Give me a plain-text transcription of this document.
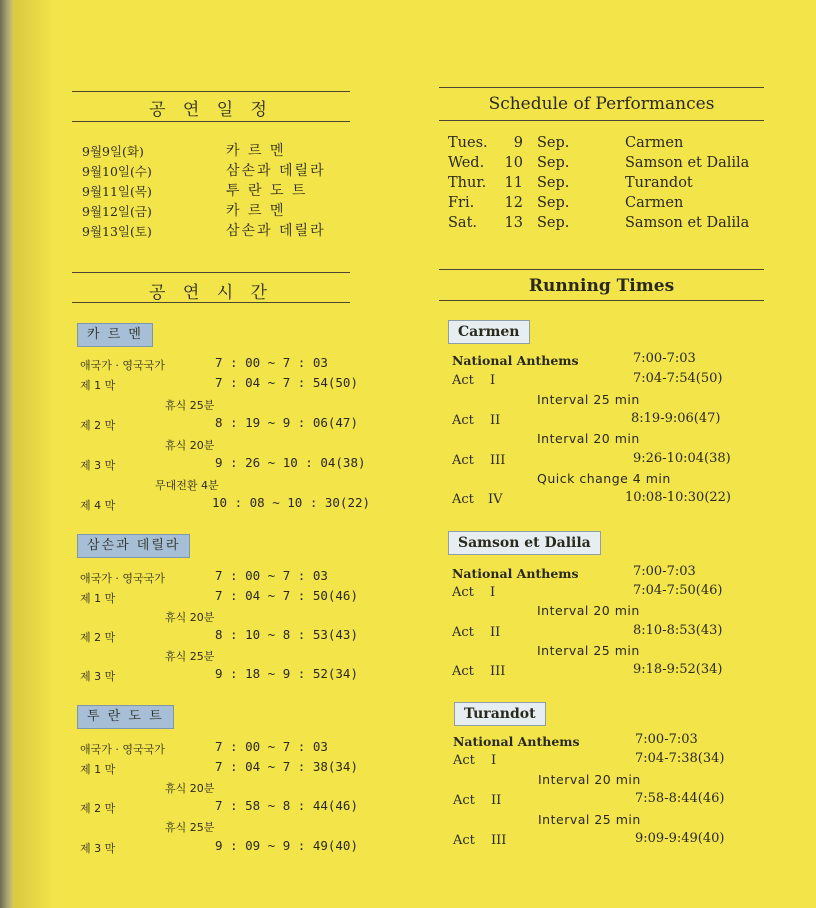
공 연 일 정
9월9일(화)	카 르 멘
9월10일(수)	삼손과 데릴라
9월11일(목)	투 란 도 트
9월12일(금)	카 르 멘
9월13일(토)	삼손과 데릴라
공 연 시 간
카 르 멘
애국가 · 영국국가	7 : 00 ~ 7 : 03
제 1 막	7 : 04 ~ 7 : 54(50)
휴식 25분
제 2 막	8 : 19 ~ 9 : 06(47)
휴식 20분
제 3 막	9 : 26 ~ 10 : 04(38)
무대전환 4분
제 4 막	10 : 08 ~ 10 : 30(22)
삼손과 데릴라
애국가 · 영국국가	7 : 00 ~ 7 : 03
제 1 막	7 : 04 ~ 7 : 50(46)
휴식 20분
제 2 막	8 : 10 ~ 8 : 53(43)
휴식 25분
제 3 막	9 : 18 ~ 9 : 52(34)
투 란 도 트
애국가 · 영국국가	7 : 00 ~ 7 : 03
제 1 막	7 : 04 ~ 7 : 38(34)
휴식 20분
제 2 막	7 : 58 ~ 8 : 44(46)
휴식 25분
제 3 막	9 : 09 ~ 9 : 49(40)
Schedule of Performances
Tues.	9 Sep.	Carmen
Wed. 10 Sep.	Samson et Dalila
Thur. 11 Sep.	Turandot
Fri. 12 Sep.	Carmen
Sat. 13 Sep.	Samson et Dalila
Running Times
Carmen
National Anthems	7:00-7:03
Act I	7:04-7:54(50)
Interval 25 min
Act II	8:19-9:06(47)
Interval 20 min
Act III	9:26-10:04(38)
Quick change 4 min
Act IV	10:08-10:30(22)
Samson et Dalila
National Anthems	7:00-7:03
Act I	7:04-7:50(46)
Interval 20 min
Act II	8:10-8:53(43)
Interval 25 min
Act III	9:18-9:52(34)
Turandot
National Anthems	7:00-7:03
Act I	7:04-7:38(34)
Interval 20 min
Act II	7:58-8:44(46)
Interval 25 min
Act III	9:09-9:49(40)
